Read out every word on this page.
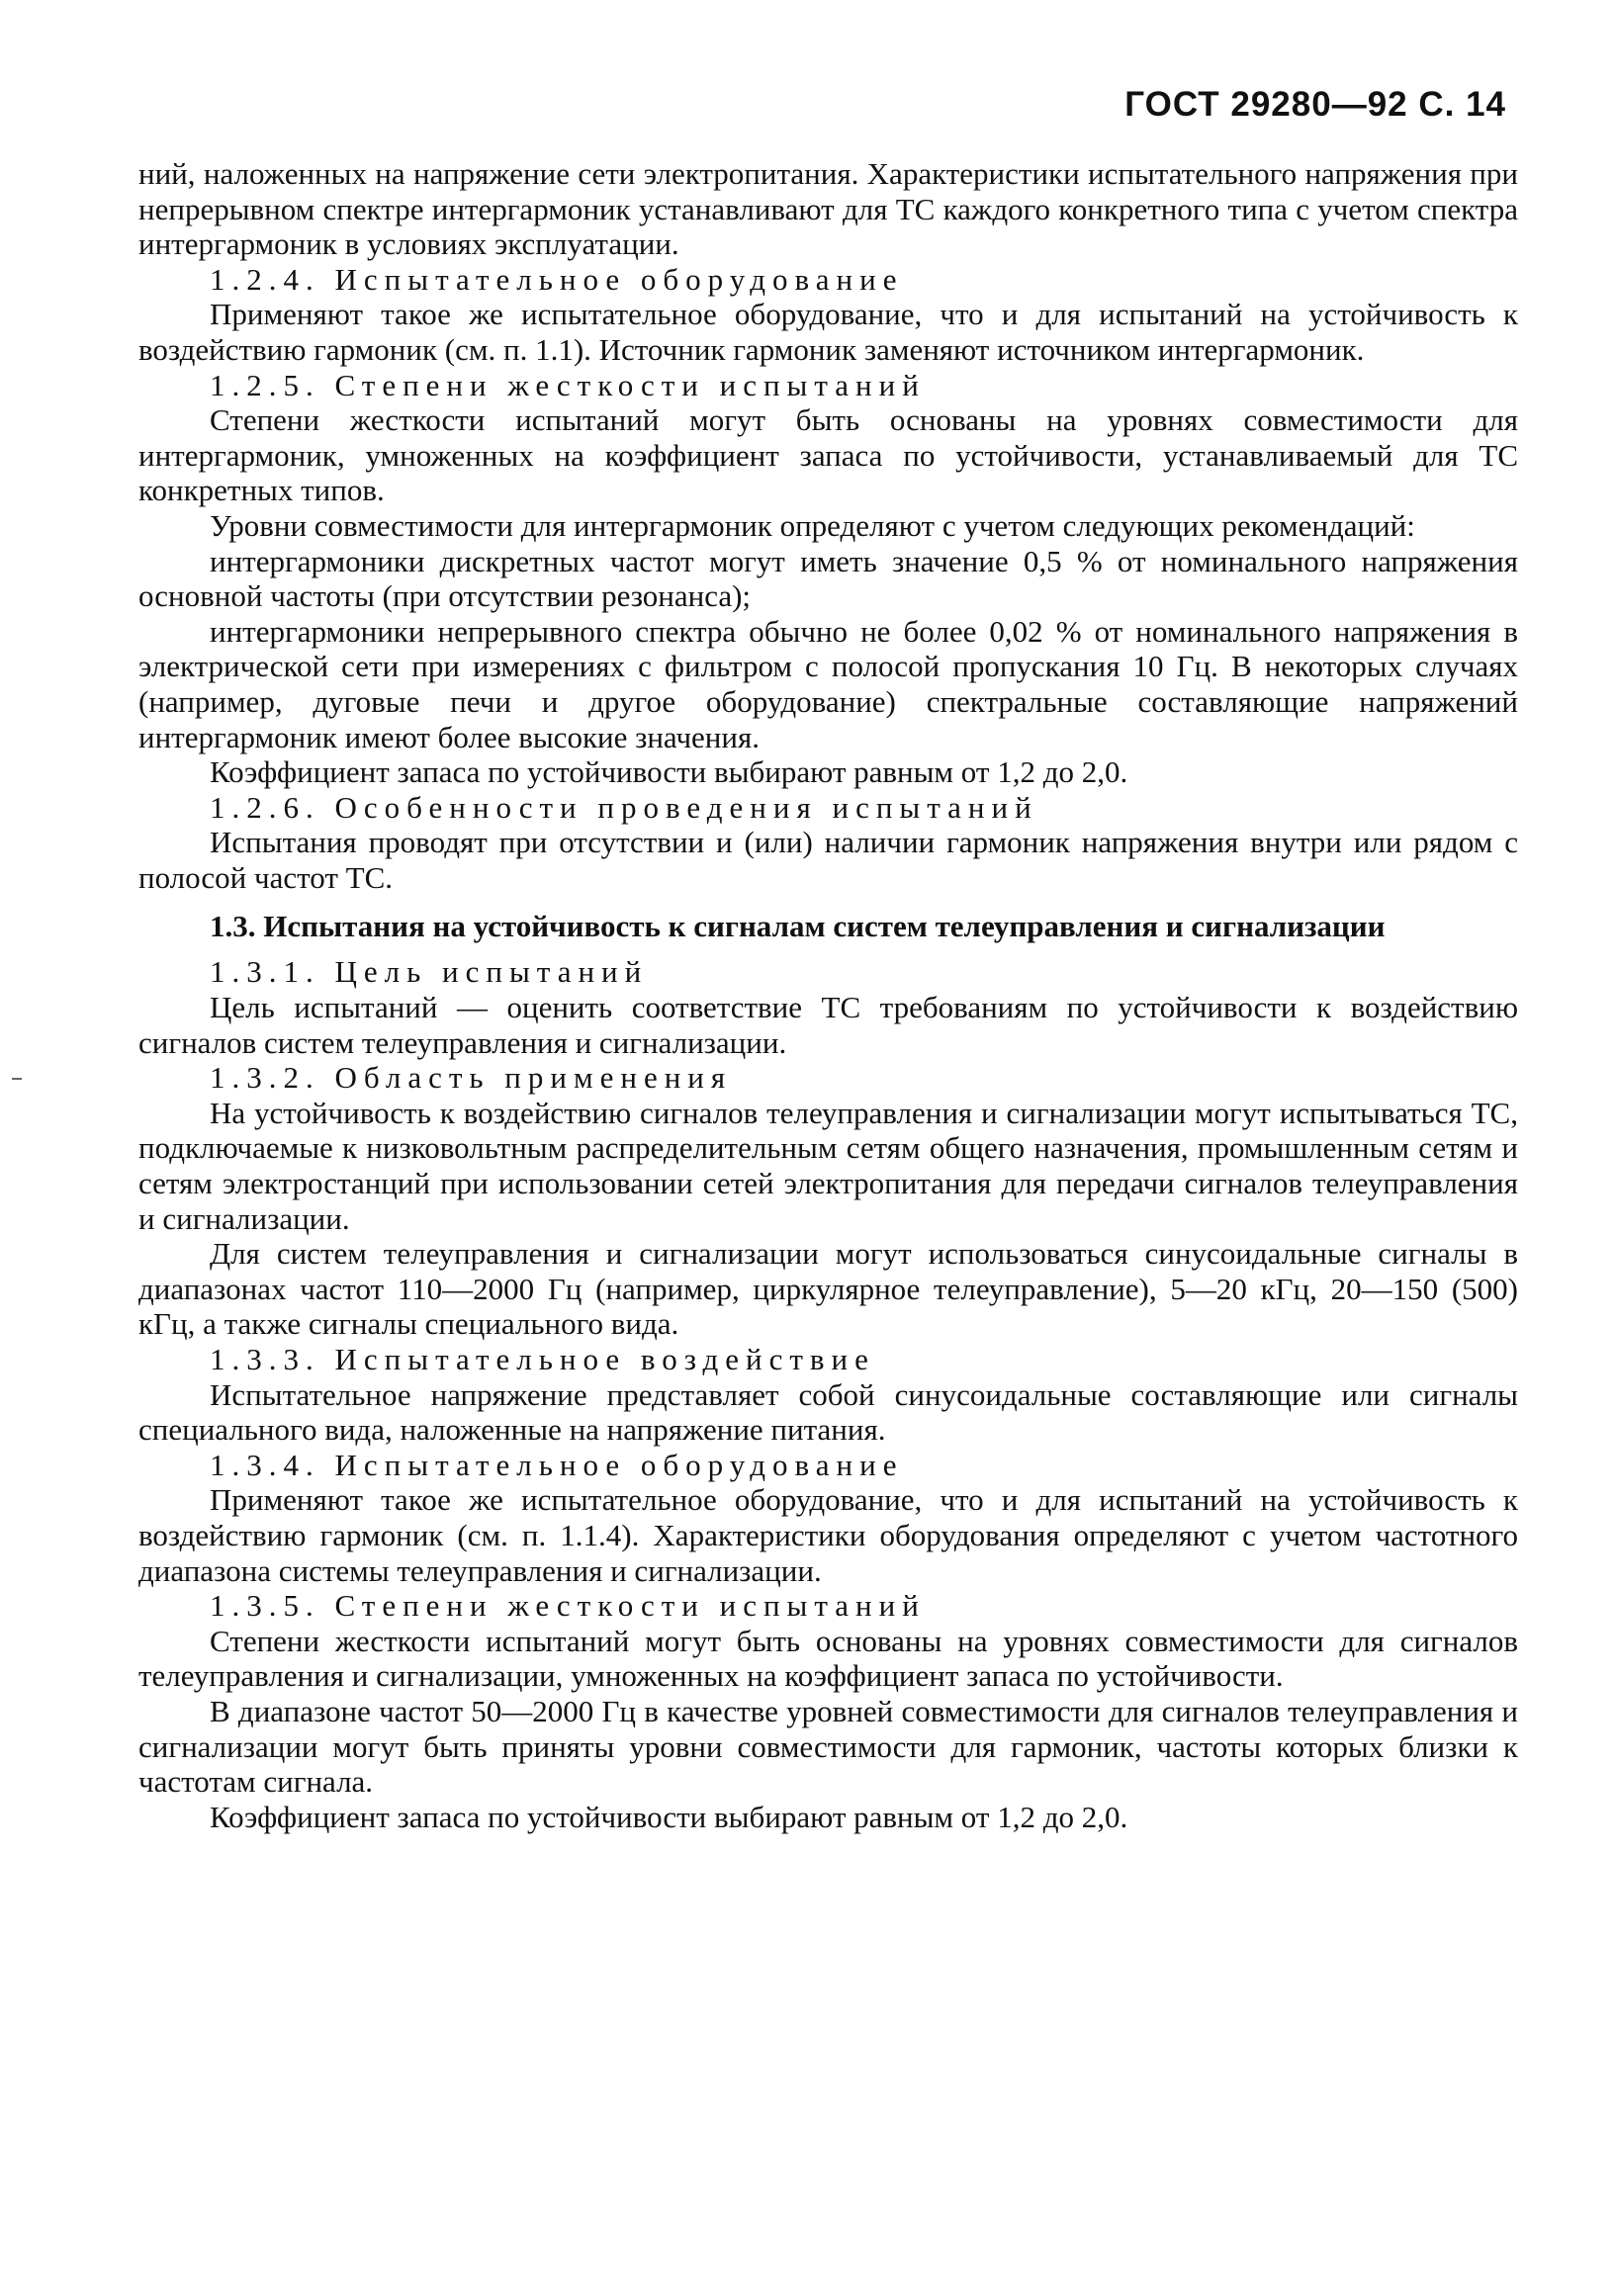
ГОСТ 29280—92 С. 14

ний, наложенных на напряжение сети электропитания. Характеристики испытательного напряжения при непрерывном спектре интергармоник устанавливают для ТС каждого конкретного типа с учетом спектра интергармоник в условиях эксплуатации.

1.2.4. Испытательное оборудование

Применяют такое же испытательное оборудование, что и для испытаний на устойчивость к воздействию гармоник (см. п. 1.1). Источник гармоник заменяют источником интергармоник.

1.2.5. Степени жесткости испытаний

Степени жесткости испытаний могут быть основаны на уровнях совместимости для интергармоник, умноженных на коэффициент запаса по устойчивости, устанавливаемый для ТС конкретных типов.

Уровни совместимости для интергармоник определяют с учетом следующих рекомендаций:

интергармоники дискретных частот могут иметь значение 0,5 % от номинального напряжения основной частоты (при отсутствии резонанса);

интергармоники непрерывного спектра обычно не более 0,02 % от номинального напряжения в электрической сети при измерениях с фильтром с полосой пропускания 10 Гц. В некоторых случаях (например, дуговые печи и другое оборудование) спектральные составляющие напряжений интергармоник имеют более высокие значения.

Коэффициент запаса по устойчивости выбирают равным от 1,2 до 2,0.

1.2.6. Особенности проведения испытаний

Испытания проводят при отсутствии и (или) наличии гармоник напряжения внутри или рядом с полосой частот ТС.

1.3. Испытания на устойчивость к сигналам систем телеуправления и сигнализации

1.3.1. Цель испытаний

Цель испытаний — оценить соответствие ТС требованиям по устойчивости к воздействию сигналов систем телеуправления и сигнализации.

1.3.2. Область применения

На устойчивость к воздействию сигналов телеуправления и сигнализации могут испытываться ТС, подключаемые к низковольтным распределительным сетям общего назначения, промышленным сетям и сетям электростанций при использовании сетей электропитания для передачи сигналов телеуправления и сигнализации.

Для систем телеуправления и сигнализации могут использоваться синусоидальные сигналы в диапазонах частот 110—2000 Гц (например, циркулярное телеуправление), 5—20 кГц, 20—150 (500) кГц, а также сигналы специального вида.

1.3.3. Испытательное воздействие

Испытательное напряжение представляет собой синусоидальные составляющие или сигналы специального вида, наложенные на напряжение питания.

1.3.4. Испытательное оборудование

Применяют такое же испытательное оборудование, что и для испытаний на устойчивость к воздействию гармоник (см. п. 1.1.4). Характеристики оборудования определяют с учетом частотного диапазона системы телеуправления и сигнализации.

1.3.5. Степени жесткости испытаний

Степени жесткости испытаний могут быть основаны на уровнях совместимости для сигналов телеуправления и сигнализации, умноженных на коэффициент запаса по устойчивости.

В диапазоне частот 50—2000 Гц в качестве уровней совместимости для сигналов телеуправления и сигнализации могут быть приняты уровни совместимости для гармоник, частоты которых близки к частотам сигнала.

Коэффициент запаса по устойчивости выбирают равным от 1,2 до 2,0.
